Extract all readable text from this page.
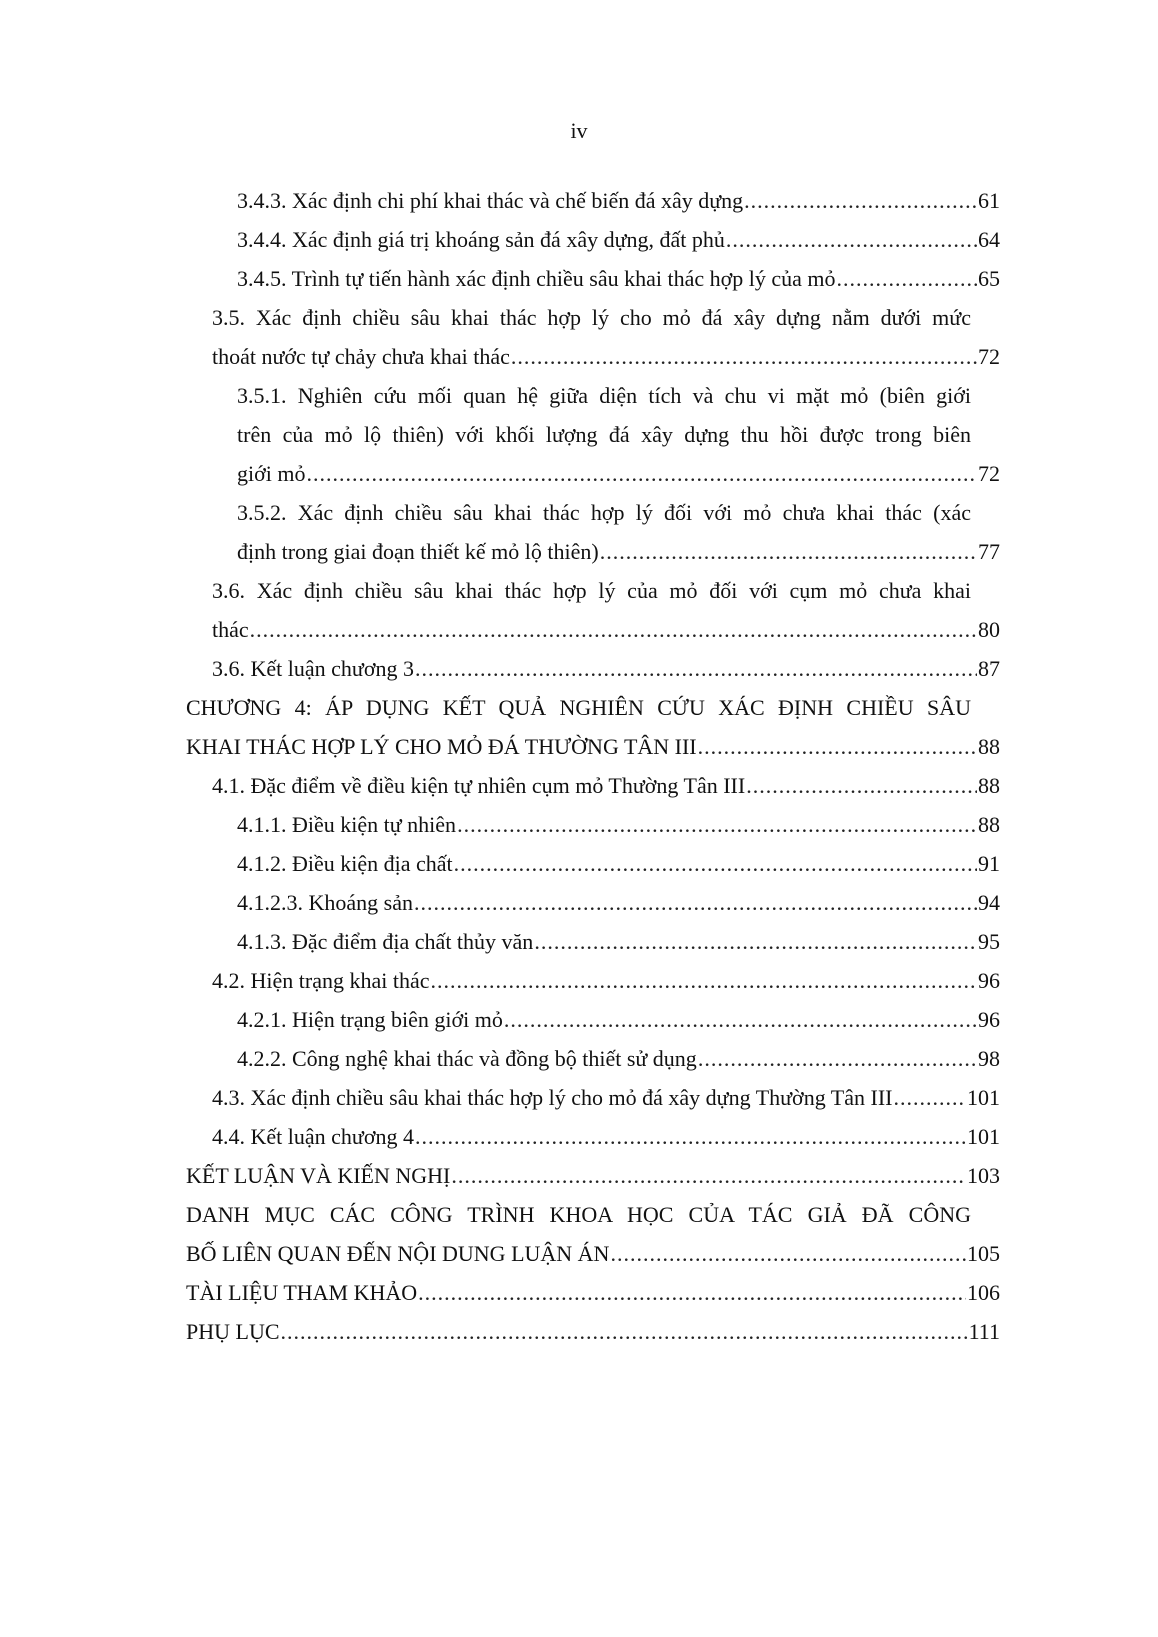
iv
3.4.3. Xác định chi phí khai thác và chế biến đá xây dựng .....	61
3.4.4. Xác định giá trị khoáng sản đá xây dựng, đất phủ .....	64
3.4.5. Trình tự tiến hành xác định chiều sâu khai thác hợp lý của mỏ .....	65
3.5. Xác định chiều sâu khai thác hợp lý cho mỏ đá xây dựng nằm dưới mức
thoát nước tự chảy chưa khai thác .....	72
3.5.1. Nghiên cứu mối quan hệ giữa diện tích và chu vi mặt mỏ (biên giới
trên của mỏ lộ thiên) với khối lượng đá xây dựng thu hồi được trong biên
giới mỏ .....	72
3.5.2. Xác định chiều sâu khai thác hợp lý đối với mỏ chưa khai thác (xác
định trong giai đoạn thiết kế mỏ lộ thiên) .....	77
3.6. Xác định chiều sâu khai thác hợp lý của mỏ đối với cụm mỏ chưa khai
thác .....	80
3.6. Kết luận chương 3 .....	87
CHƯƠNG 4: ÁP DỤNG KẾT QUẢ NGHIÊN CỨU XÁC ĐỊNH CHIỀU SÂU
KHAI THÁC HỢP LÝ CHO MỎ ĐÁ THƯỜNG TÂN III .....	88
4.1. Đặc điểm về điều kiện tự nhiên cụm mỏ Thường Tân III .....	88
4.1.1. Điều kiện tự nhiên .....	88
4.1.2. Điều kiện địa chất .....	91
4.1.2.3. Khoáng sản .....	94
4.1.3. Đặc điểm địa chất thủy văn .....	95
4.2. Hiện trạng khai thác .....	96
4.2.1. Hiện trạng biên giới mỏ .....	96
4.2.2. Công nghệ khai thác và đồng bộ thiết sử dụng .....	98
4.3. Xác định chiều sâu khai thác hợp lý cho mỏ đá xây dựng Thường Tân III .....	101
4.4. Kết luận chương 4 .....	101
KẾT LUẬN VÀ KIẾN NGHỊ .....	103
DANH MỤC CÁC CÔNG TRÌNH KHOA HỌC CỦA TÁC GIẢ ĐÃ CÔNG
BỐ LIÊN QUAN ĐẾN NỘI DUNG LUẬN ÁN .....	105
TÀI LIỆU THAM KHẢO .....	106
PHỤ LỤC .....	111
